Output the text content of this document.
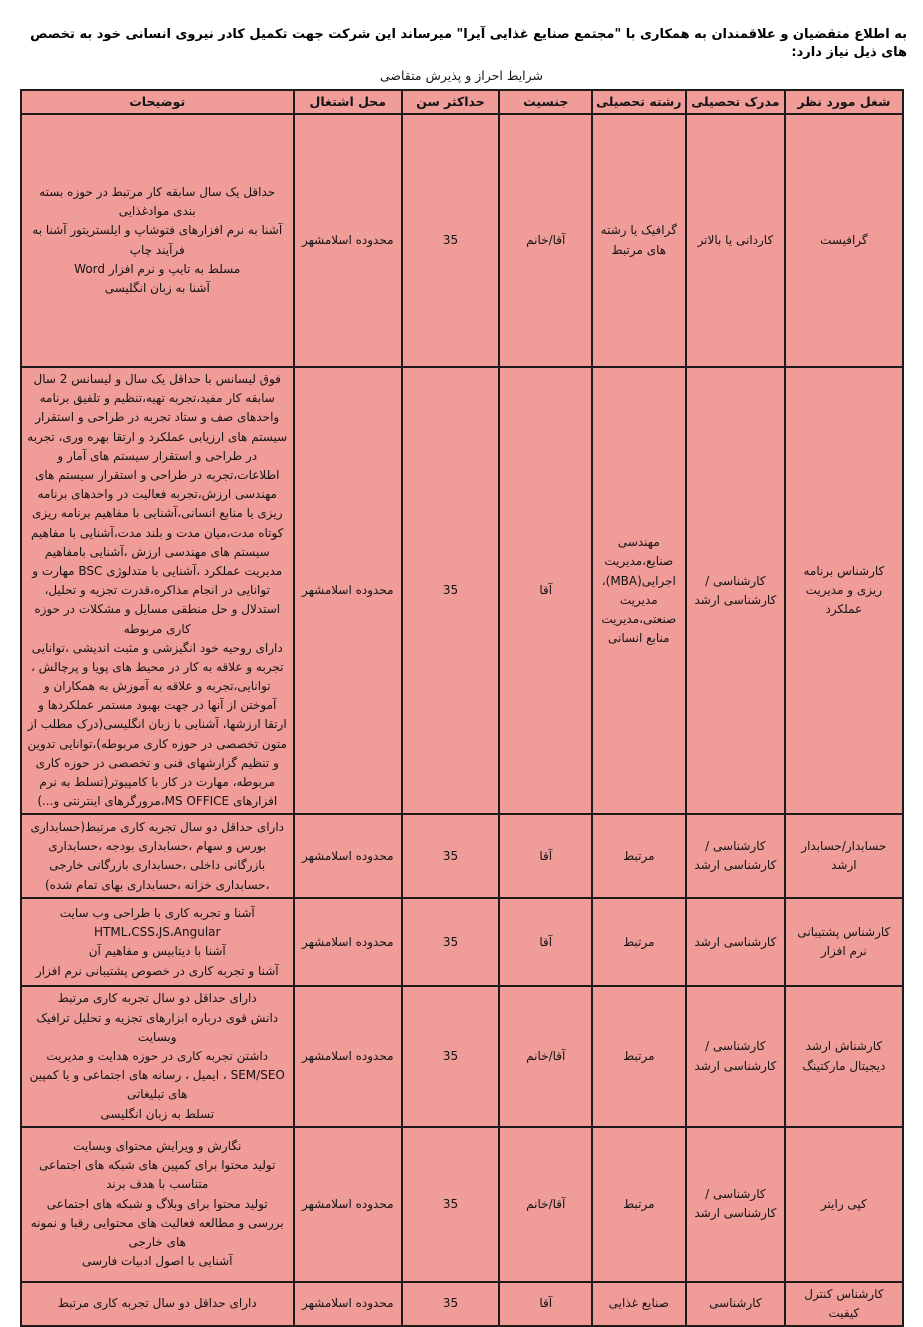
به اطلاع متقضیان و علاقمندان به همکاری با "مجتمع صنایع غذایی آیرا" میرساند این شرکت جهت تکمیل کادر نیروی انسانی خود به تخصص های ذیل نیاز دارد:
شرایط احراز و پذیرش متقاضی
شغل مورد نظر	مدرک تحصیلی	رشته تحصیلی	جنسیت	حداکثر سن	محل اشتغال	توضیحات
گرافیست	کاردانی یا بالاتر	گرافیک یا رشته های مرتبط	آقا/خانم	35	محدوده اسلامشهر	حداقل یک سال سابقه کار مرتبط در حوزه بسته بندی موادغذایی
آشنا به نرم افزارهای فتوشاپ و ایلستریتور آشنا به فرآیند چاپ
مسلط به تایپ و نرم افزار Word
آشنا به زبان انگلیسی

کارشناس برنامه ریزی و مدیریت عملکرد	کارشناسی / کارشناسی ارشد	مهندسی صنایع،مدیریت اجرایی(MBA)، مدیریت صنعتی،مدیریت منابع انسانی	آقا	35	محدوده اسلامشهر	فوق لیسانس با حداقل یک سال و لیسانس 2 سال سابقه کار مفید،تجربه تهیه،تنظیم و تلفیق برنامه واحدهای صف و ستاد تجربه در طراحی و استقرار سیستم های ارزیابی عملکرد و ارتقا بهره وری، تجربه در طراحی و استقرار سیستم های آمار و اطلاعات،تجربه در طراحی و استقرار سیستم های مهندسی ارزش،تجربه فعالیت در واحدهای برنامه ریزی یا منابع انسانی،آشنایی با مفاهیم برنامه ریزی کوتاه مدت،میان مدت و بلند مدت،آشنایی با مفاهیم سیستم های مهندسی ارزش ،آشنایی بامفاهیم مدیریت عملکرد ،آشنایی با متدلوژی BSC مهارت و توانایی در انجام مذاکره،قدرت تجزیه و تحلیل، استدلال و حل منطقی مسایل و مشکلات در حوزه کاری مربوطه
دارای روحیه خود انگیزشی و مثبت اندیشی ،توانایی تجربه و علاقه به کار در محیط های پویا و پرچالش ، توانایی،تجربه و علاقه به آموزش به همکاران و آموختن از آنها در جهت بهبود مستمر عملکردها و ارتقا ارزشها، آشنایی با زبان انگلیسی(درک مطلب از متون تخصصی در حوزه کاری مربوطه)،توانایی تدوین و تنظیم گزارشهای فنی و تخصصی در حوزه کاری مربوطه، مهارت در کار با کامپیوتر(تسلط به نرم افزارهای MS OFFICE،مرورگرهای اینترنتی و...)

حسابدار/حسابدار ارشد	کارشناسی / کارشناسی ارشد	مرتبط	آقا	35	محدوده اسلامشهر	دارای حداقل دو سال تجربه کاری مرتبط(حسابداری بورس و سهام ،حسابداری بودجه ،حسابداری بازرگانی داخلی ،حسابداری بازرگانی خارجی ،حسابداری خزانه ،حسابداری بهای تمام شده)

کارشناس پشتیبانی نرم افزار	کارشناسی ارشد	مرتبط	آقا	35	محدوده اسلامشهر	آشنا و تجربه کاری با طراحی وب سایت
HTML،CSS،JS،Angular
آشنا با دیتابیس و مفاهیم آن
آشنا و تجربه کاری در خصوص پشتیبانی نرم افزار

کارشناش ارشد دیجیتال مارکتینگ	کارشناسی / کارشناسی ارشد	مرتبط	آقا/خانم	35	محدوده اسلامشهر	دارای حداقل دو سال تجربه کاری مرتبط
دانش قوی درباره ابزارهای تجزیه و تحلیل ترافیک وبسایت
داشتن تجربه کاری در حوزه هدایت و مدیریت SEM/SEO ، ایمیل ، رسانه های اجتماعی و یا کمپین های تبلیغاتی
تسلط به زبان انگلیسی

کپی رایتر	کارشناسی / کارشناسی ارشد	مرتبط	آقا/خانم	35	محدوده اسلامشهر	نگارش و ویرایش محتوای وبسایت
تولید محتوا برای کمپین های شبکه های اجتماعی متناسب با هدف برند
تولید محتوا برای وبلاگ و شبکه های اجتماعی
بررسی و مطالعه فعالیت های محتوایی رقبا و نمونه های خارجی
آشنایی با اصول ادبیات فارسی

کارشناس کنترل کیفیت	کارشناسی	صنایع غذایی	آقا	35	محدوده اسلامشهر	دارای حداقل دو سال تجربه کاری مرتبط
